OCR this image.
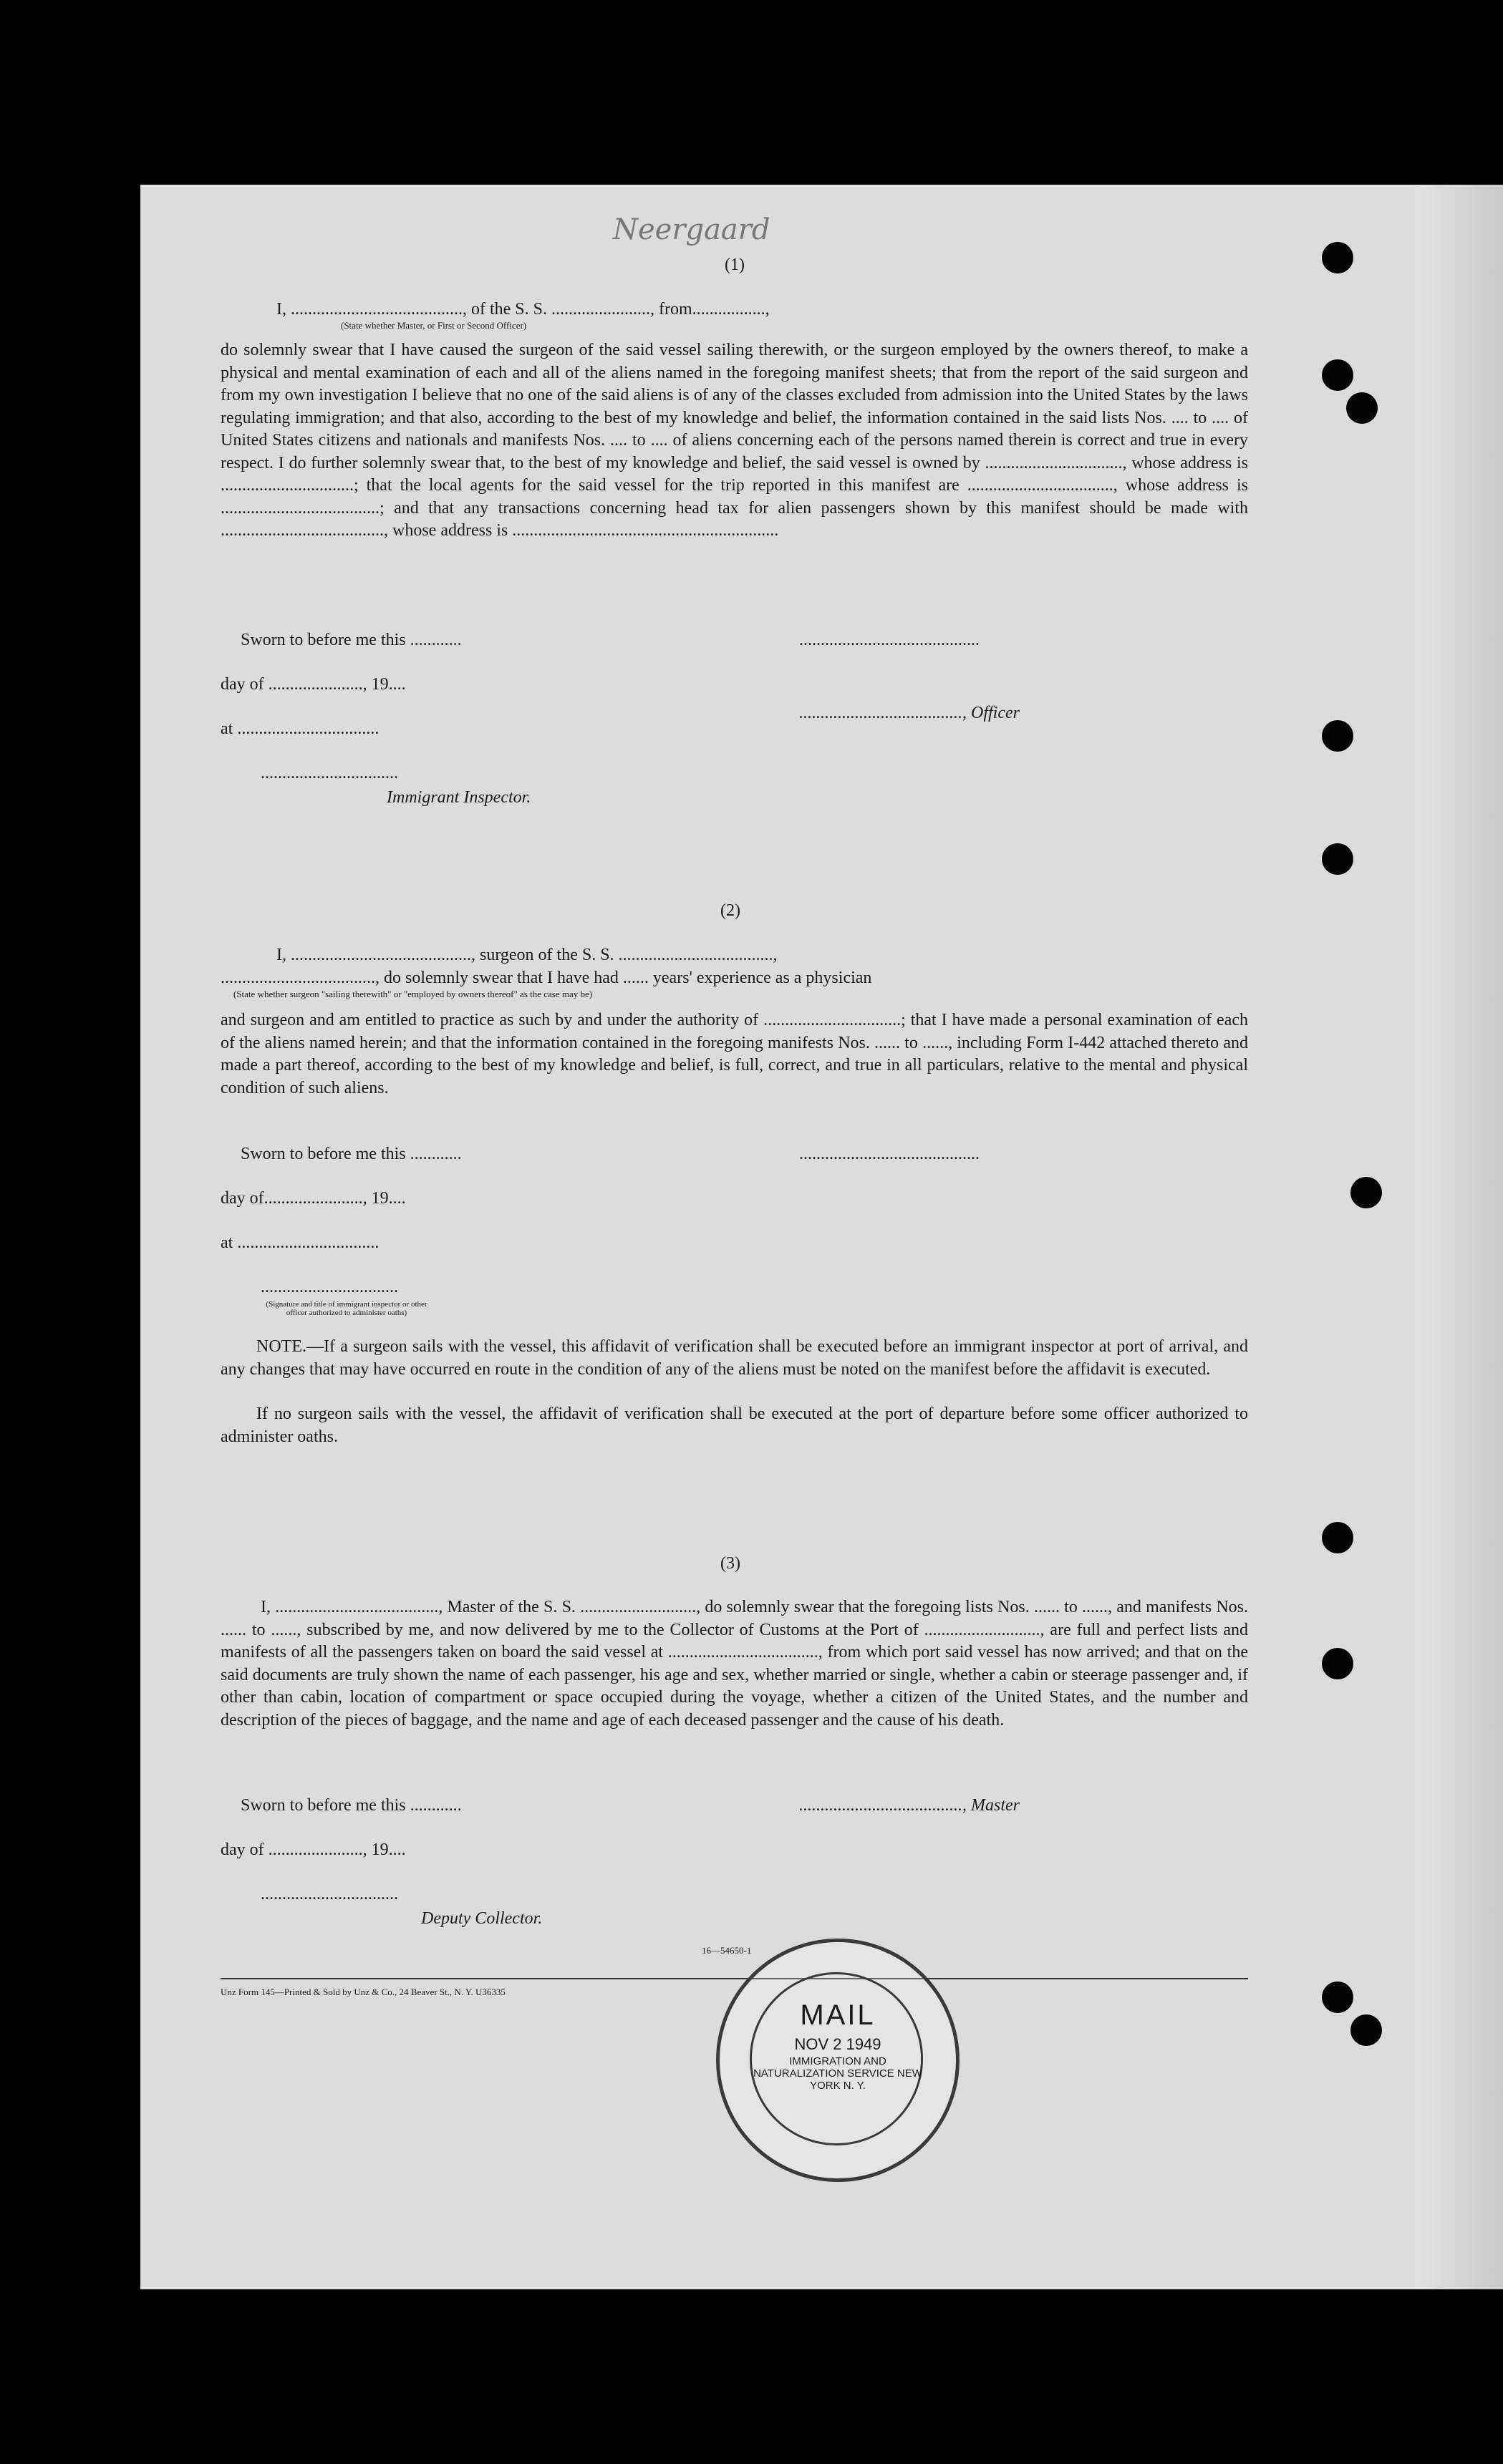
Neergaard
(1)
I, ........................................, of the S. S. ......................., from.................,
(State whether Master, or First or Second Officer)
do solemnly swear that I have caused the surgeon of the said vessel sailing therewith, or the surgeon employed by the owners thereof, to make a physical and mental examination of each and all of the aliens named in the foregoing manifest sheets; that from the report of the said surgeon and from my own investigation I believe that no one of the said aliens is of any of the classes excluded from admission into the United States by the laws regulating immigration; and that also, according to the best of my knowledge and belief, the information contained in the said lists Nos. .... to .... of United States citizens and nationals and manifests Nos. .... to .... of aliens concerning each of the persons named therein is correct and true in every respect. I do further solemnly swear that, to the best of my knowledge and belief, the said vessel is owned by ................................, whose address is ...............................; that the local agents for the said vessel for the trip reported in this manifest are .................................., whose address is .....................................; and that any transactions concerning head tax for alien passengers shown by this manifest should be made with ......................................, whose address is ..............................................................
Sworn to before me this ............	..........................................
day of ......................, 19....
......................................, Officer
at .................................
................................
Immigrant Inspector.
(2)
I, .........................................., surgeon of the S. S. ....................................,
...................................., do solemnly swear that I have had ...... years' experience as a physician
(State whether surgeon "sailing therewith" or "employed by owners thereof" as the case may be)
and surgeon and am entitled to practice as such by and under the authority of ................................; that I have made a personal examination of each of the aliens named herein; and that the information contained in the foregoing manifests Nos. ...... to ......, including Form I-442 attached thereto and made a part thereof, according to the best of my knowledge and belief, is full, correct, and true in all particulars, relative to the mental and physical condition of such aliens.
Sworn to before me this ............	..........................................
day of......................., 19....
at .................................
................................
(Signature and title of immigrant inspector or other officer authorized to administer oaths)
NOTE.—If a surgeon sails with the vessel, this affidavit of verification shall be executed before an immigrant inspector at port of arrival, and any changes that may have occurred en route in the condition of any of the aliens must be noted on the manifest before the affidavit is executed.
If no surgeon sails with the vessel, the affidavit of verification shall be executed at the port of departure before some officer authorized to administer oaths.
(3)
I, ......................................, Master of the S. S. ..........................., do solemnly swear that the foregoing lists Nos. ...... to ......, and manifests Nos. ...... to ......, subscribed by me, and now delivered by me to the Collector of Customs at the Port of ..........................., are full and perfect lists and manifests of all the passengers taken on board the said vessel at ..................................., from which port said vessel has now arrived; and that on the said documents are truly shown the name of each passenger, his age and sex, whether married or single, whether a cabin or steerage passenger and, if other than cabin, location of compartment or space occupied during the voyage, whether a citizen of the United States, and the number and description of the pieces of baggage, and the name and age of each deceased passenger and the cause of his death.
Sworn to before me this ............	......................................, Master
day of ......................, 19....
................................
Deputy Collector.
16—54650-1
Unz Form 145—Printed & Sold by Unz & Co., 24 Beaver St., N. Y. U36335
MAIL
NOV 2 1949
IMMIGRATION AND NATURALIZATION SERVICE NEW YORK N. Y.
